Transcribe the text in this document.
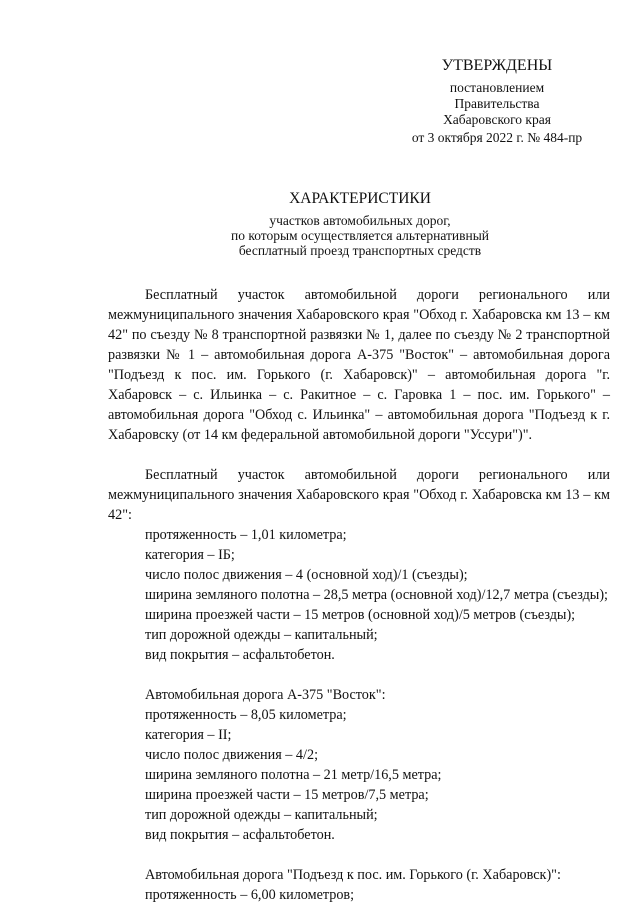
УТВЕРЖДЕНЫ
постановлением
Правительства
Хабаровского края
от 3 октября 2022 г. № 484-пр
ХАРАКТЕРИСТИКИ
участков автомобильных дорог,
по которым осуществляется альтернативный
бесплатный проезд транспортных средств
Бесплатный участок автомобильной дороги регионального или межмуниципального значения Хабаровского края "Обход г. Хабаровска км 13 – км 42" по съезду № 8 транспортной развязки № 1, далее по съезду № 2 транспортной развязки № 1 – автомобильная дорога А-375 "Восток" – автомобильная дорога "Подъезд к пос. им. Горького (г. Хабаровск)" – автомобильная дорога "г. Хабаровск – с. Ильинка – с. Ракитное – с. Гаровка 1 – пос. им. Горького" – автомобильная дорога "Обход с. Ильинка" – автомобильная дорога "Подъезд к г. Хабаровску (от 14 км федеральной автомобильной дороги "Уссури")".
Бесплатный участок автомобильной дороги регионального или межмуниципального значения Хабаровского края "Обход г. Хабаровска км 13 – км 42":
протяженность – 1,01 километра;
категория – IБ;
число полос движения – 4 (основной ход)/1 (съезды);
ширина земляного полотна – 28,5 метра (основной ход)/12,7 метра (съезды);
ширина проезжей части – 15 метров (основной ход)/5 метров (съезды);
тип дорожной одежды – капитальный;
вид покрытия – асфальтобетон.
Автомобильная дорога А-375 "Восток":
протяженность – 8,05 километра;
категория – II;
число полос движения – 4/2;
ширина земляного полотна – 21 метр/16,5 метра;
ширина проезжей части – 15 метров/7,5 метра;
тип дорожной одежды – капитальный;
вид покрытия – асфальтобетон.
Автомобильная дорога "Подъезд к пос. им. Горького (г. Хабаровск)":
протяженность – 6,00 километров;
